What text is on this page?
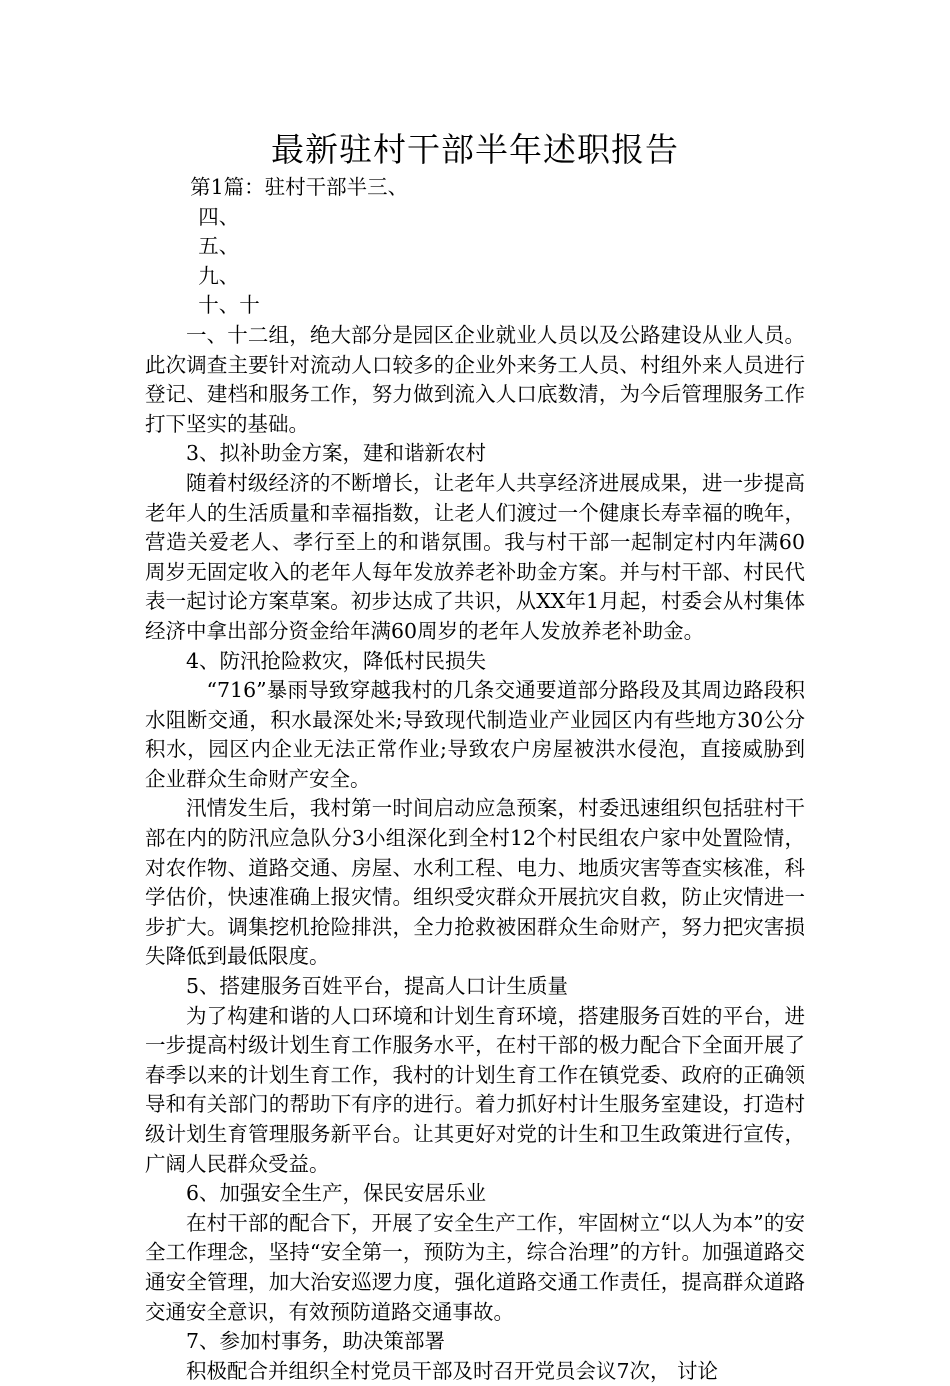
最新驻村干部半年述职报告

第1篇：驻村干部半三、

四、

五、

九、

十、十

一、十二组，绝大部分是园区企业就业人员以及公路建设从业人员。此次调查主要针对流动人口较多的企业外来务工人员、村组外来人员进行登记、建档和服务工作，努力做到流入人口底数清，为今后管理服务工作打下坚实的基础。

3、拟补助金方案，建和谐新农村

随着村级经济的不断增长，让老年人共享经济进展成果，进一步提高老年人的生活质量和幸福指数，让老人们渡过一个健康长寿幸福的晚年，营造关爱老人、孝行至上的和谐氛围。我与村干部一起制定村内年满60周岁无固定收入的老年人每年发放养老补助金方案。并与村干部、村民代表一起讨论方案草案。初步达成了共识，从XX年1月起，村委会从村集体经济中拿出部分资金给年满60周岁的老年人发放养老补助金。

4、防汛抢险救灾，降低村民损失

“716”暴雨导致穿越我村的几条交通要道部分路段及其周边路段积水阻断交通，积水最深处米;导致现代制造业产业园区内有些地方30公分积水，园区内企业无法正常作业;导致农户房屋被洪水侵泡，直接威胁到企业群众生命财产安全。

汛情发生后，我村第一时间启动应急预案，村委迅速组织包括驻村干部在内的防汛应急队分3小组深化到全村12个村民组农户家中处置险情，对农作物、道路交通、房屋、水利工程、电力、地质灾害等查实核准，科学估价，快速准确上报灾情。组织受灾群众开展抗灾自救，防止灾情进一步扩大。调集挖机抢险排洪，全力抢救被困群众生命财产，努力把灾害损失降低到最低限度。

5、搭建服务百姓平台，提高人口计生质量

为了构建和谐的人口环境和计划生育环境，搭建服务百姓的平台，进一步提高村级计划生育工作服务水平，在村干部的极力配合下全面开展了春季以来的计划生育工作，我村的计划生育工作在镇党委、政府的正确领导和有关部门的帮助下有序的进行。着力抓好村计生服务室建设，打造村级计划生育管理服务新平台。让其更好对党的计生和卫生政策进行宣传，广阔人民群众受益。

6、加强安全生产，保民安居乐业

在村干部的配合下，开展了安全生产工作，牢固树立“以人为本”的安全工作理念，坚持“安全第一，预防为主，综合治理”的方针。加强道路交通安全管理，加大治安巡逻力度，强化道路交通工作责任，提高群众道路交通安全意识，有效预防道路交通事故。

7、参加村事务，助决策部署

积极配合并组织全村党员干部及时召开党员会议7次， 讨论
